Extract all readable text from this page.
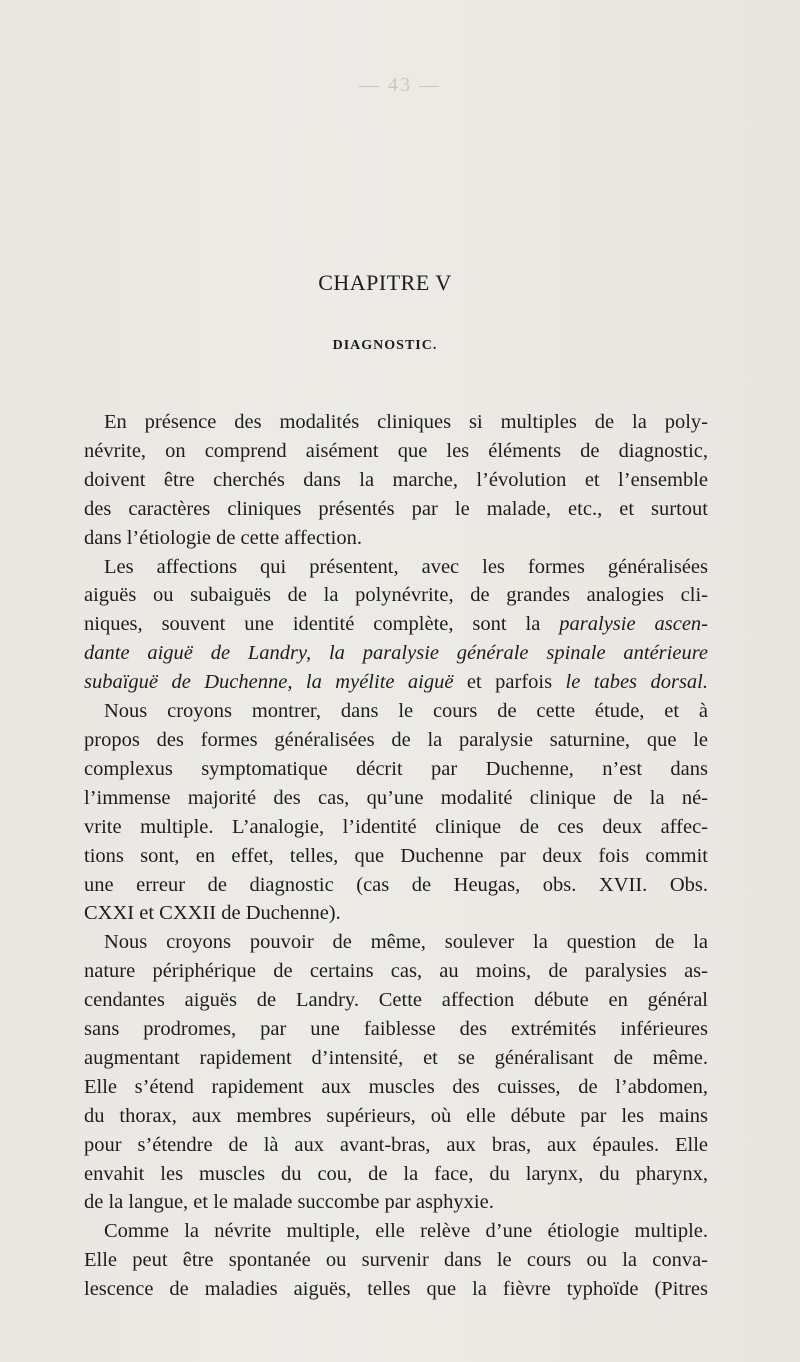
— 43 —
CHAPITRE V
DIAGNOSTIC.
En présence des modalités cliniques si multiples de la poly-
névrite, on comprend aisément que les éléments de diagnostic,
doivent être cherchés dans la marche, l’évolution et l’ensemble
des caractères cliniques présentés par le malade, etc., et surtout
dans l’étiologie de cette affection.
Les affections qui présentent, avec les formes généralisées
aiguës ou subaiguës de la polynévrite, de grandes analogies cli-
niques, souvent une identité complète, sont la paralysie ascen-
dante aiguë de Landry, la paralysie générale spinale antérieure
subaïguë de Duchenne, la myélite aiguë et parfois le tabes dorsal.
Nous croyons montrer, dans le cours de cette étude, et à
propos des formes généralisées de la paralysie saturnine, que le
complexus symptomatique décrit par Duchenne, n’est dans
l’immense majorité des cas, qu’une modalité clinique de la né-
vrite multiple. L’analogie, l’identité clinique de ces deux affec-
tions sont, en effet, telles, que Duchenne par deux fois commit
une erreur de diagnostic (cas de Heugas, obs. XVII. Obs.
CXXI et CXXII de Duchenne).
Nous croyons pouvoir de même, soulever la question de la
nature périphérique de certains cas, au moins, de paralysies as-
cendantes aiguës de Landry. Cette affection débute en général
sans prodromes, par une faiblesse des extrémités inférieures
augmentant rapidement d’intensité, et se généralisant de même.
Elle s’étend rapidement aux muscles des cuisses, de l’abdomen,
du thorax, aux membres supérieurs, où elle débute par les mains
pour s’étendre de là aux avant-bras, aux bras, aux épaules. Elle
envahit les muscles du cou, de la face, du larynx, du pharynx,
de la langue, et le malade succombe par asphyxie.
Comme la névrite multiple, elle relève d’une étiologie multiple.
Elle peut être spontanée ou survenir dans le cours ou la conva-
lescence de maladies aiguës, telles que la fièvre typhoïde (Pitres
